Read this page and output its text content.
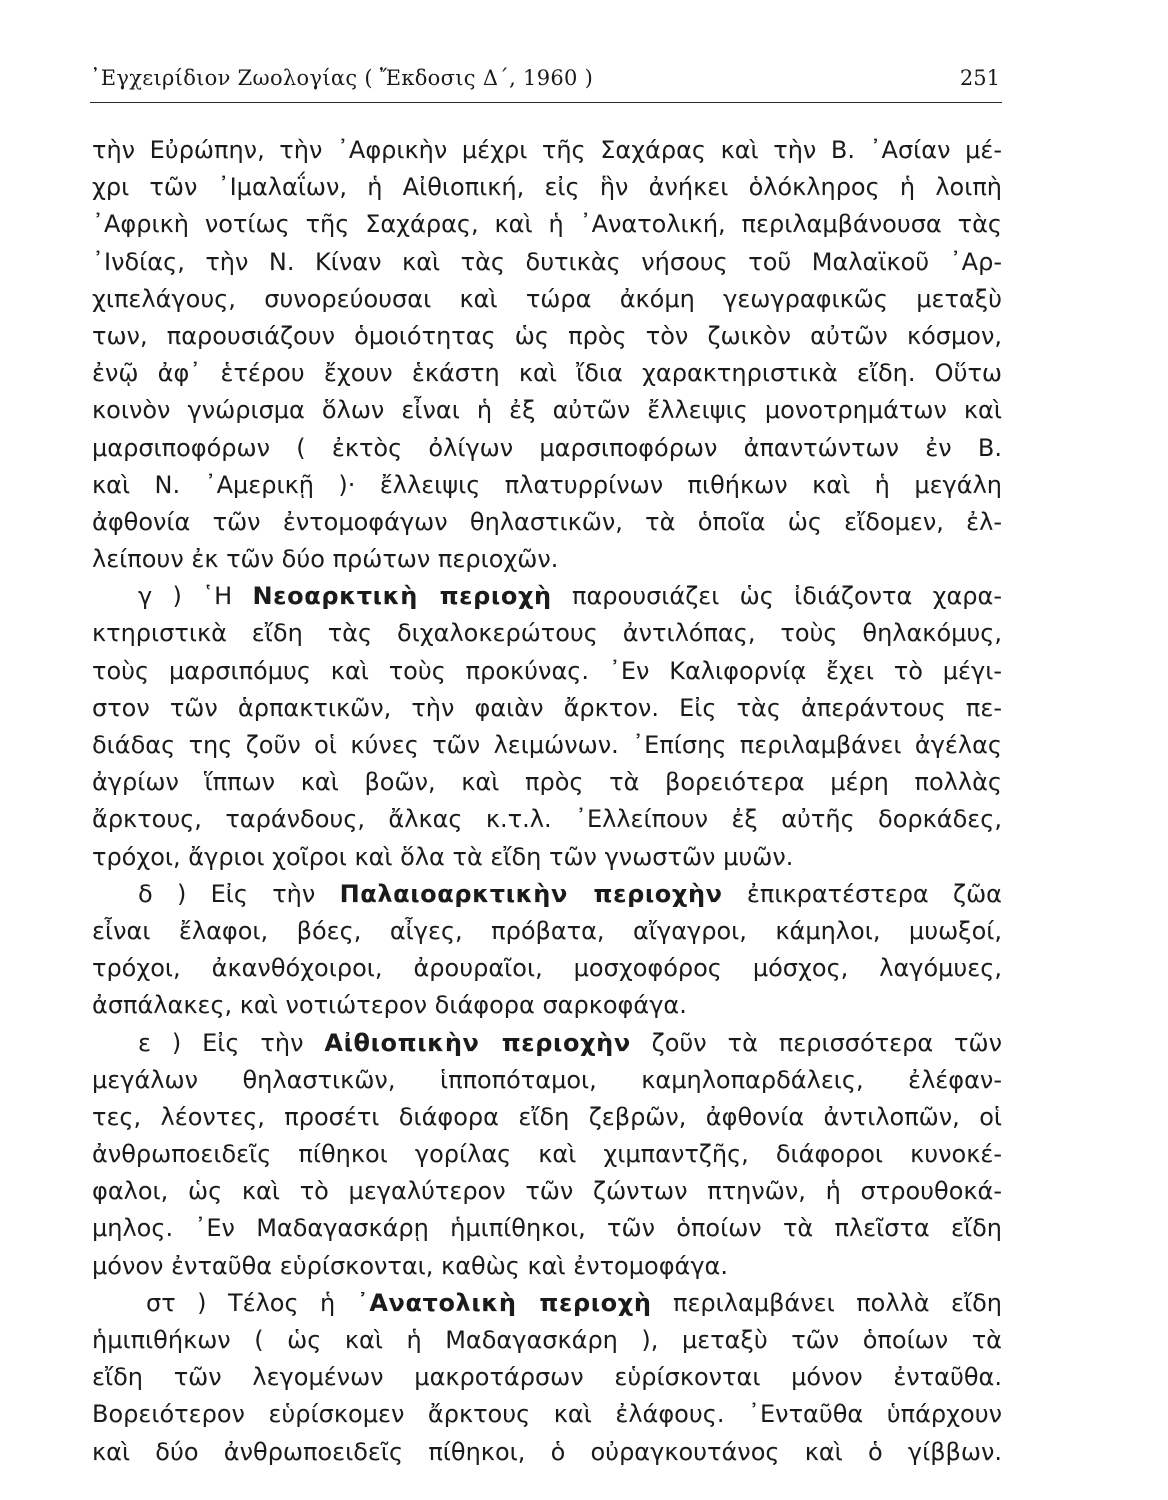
᾿Εγχειρίδιον Ζωολογίας ( Ἔκδοσις Δ΄, 1960 )	251
τὴν Εὐρώπην, τὴν ᾿Αφρικὴν μέχρι τῆς Σαχάρας καὶ τὴν Β. ᾿Ασίαν μέ-
χρι τῶν ᾿Ιμαλαΐων, ἡ Αἰθιοπική, εἰς ἣν ἀνήκει ὁλόκληρος ἡ λοιπὴ
᾿Αφρικὴ νοτίως τῆς Σαχάρας, καὶ ἡ ᾿Ανατολική, περιλαμβάνουσα τὰς
᾿Ινδίας, τὴν Ν. Κίναν καὶ τὰς δυτικὰς νήσους τοῦ Μαλαϊκοῦ ᾿Αρ-
χιπελάγους, συνορεύουσαι καὶ τώρα ἀκόμη γεωγραφικῶς μεταξὺ
των, παρουσιάζουν ὁμοιότητας ὡς πρὸς τὸν ζωικὸν αὐτῶν κόσμον,
ἐνῷ ἀφ᾿ ἑτέρου ἔχουν ἑκάστη καὶ ἴδια χαρακτηριστικὰ εἴδη. Οὕτω
κοινὸν γνώρισμα ὅλων εἶναι ἡ ἐξ αὐτῶν ἔλλειψις μονοτρημάτων καὶ
μαρσιποφόρων ( ἐκτὸς ὀλίγων μαρσιποφόρων ἀπαντώντων ἐν Β.
καὶ Ν. ᾿Αμερικῇ )· ἔλλειψις πλατυρρίνων πιθήκων καὶ ἡ μεγάλη
ἀφθονία τῶν ἐντομοφάγων θηλαστικῶν, τὰ ὁποῖα ὡς εἴδομεν, ἐλ-
λείπουν ἐκ τῶν δύο πρώτων περιοχῶν.
γ ) ῾Η Νεοαρκτικὴ περιοχὴ παρουσιάζει ὡς ἰδιάζοντα χαρα-
κτηριστικὰ εἴδη τὰς διχαλοκερώτους ἀντιλόπας, τοὺς θηλακόμυς,
τοὺς μαρσιπόμυς καὶ τοὺς προκύνας. ᾿Εν Καλιφορνίᾳ ἔχει τὸ μέγι-
στον τῶν ἁρπακτικῶν, τὴν φαιὰν ἄρκτον. Εἰς τὰς ἀπεράντους πε-
διάδας της ζοῦν οἱ κύνες τῶν λειμώνων. ᾿Επίσης περιλαμβάνει ἀγέλας
ἀγρίων ἵππων καὶ βοῶν, καὶ πρὸς τὰ βορειότερα μέρη πολλὰς
ἄρκτους, ταράνδους, ἄλκας κ.τ.λ. ᾿Ελλείπουν ἐξ αὐτῆς δορκάδες,
τρόχοι, ἄγριοι χοῖροι καὶ ὅλα τὰ εἴδη τῶν γνωστῶν μυῶν.
δ ) Εἰς τὴν Παλαιοαρκτικὴν περιοχὴν ἐπικρατέστερα ζῶα
εἶναι ἔλαφοι, βόες, αἶγες, πρόβατα, αἴγαγροι, κάμηλοι, μυωξοί,
τρόχοι, ἀκανθόχοιροι, ἀρουραῖοι, μοσχοφόρος μόσχος, λαγόμυες,
ἀσπάλακες, καὶ νοτιώτερον διάφορα σαρκοφάγα.
ε ) Εἰς τὴν Αἰθιοπικὴν περιοχὴν ζοῦν τὰ περισσότερα τῶν
μεγάλων θηλαστικῶν, ἱπποπόταμοι, καμηλοπαρδάλεις, ἐλέφαν-
τες, λέοντες, προσέτι διάφορα εἴδη ζεβρῶν, ἀφθονία ἀντιλοπῶν, οἱ
ἀνθρωποειδεῖς πίθηκοι γορίλας καὶ χιμπαντζῆς, διάφοροι κυνοκέ-
φαλοι, ὡς καὶ τὸ μεγαλύτερον τῶν ζώντων πτηνῶν, ἡ στρουθοκά-
μηλος. ᾿Εν Μαδαγασκάρῃ ἡμιπίθηκοι, τῶν ὁποίων τὰ πλεῖστα εἴδη
μόνον ἐνταῦθα εὑρίσκονται, καθὼς καὶ ἐντομοφάγα.
στ ) Τέλος ἡ ᾿Ανατολικὴ περιοχὴ περιλαμβάνει πολλὰ εἴδη
ἡμιπιθήκων ( ὡς καὶ ἡ Μαδαγασκάρη ), μεταξὺ τῶν ὁποίων τὰ
εἴδη τῶν λεγομένων μακροτάρσων εὑρίσκονται μόνον ἐνταῦθα.
Βορειότερον εὑρίσκομεν ἄρκτους καὶ ἐλάφους. ᾿Ενταῦθα ὑπάρχουν
καὶ δύο ἀνθρωποειδεῖς πίθηκοι, ὁ οὐραγκουτάνος καὶ ὁ γίββων.
